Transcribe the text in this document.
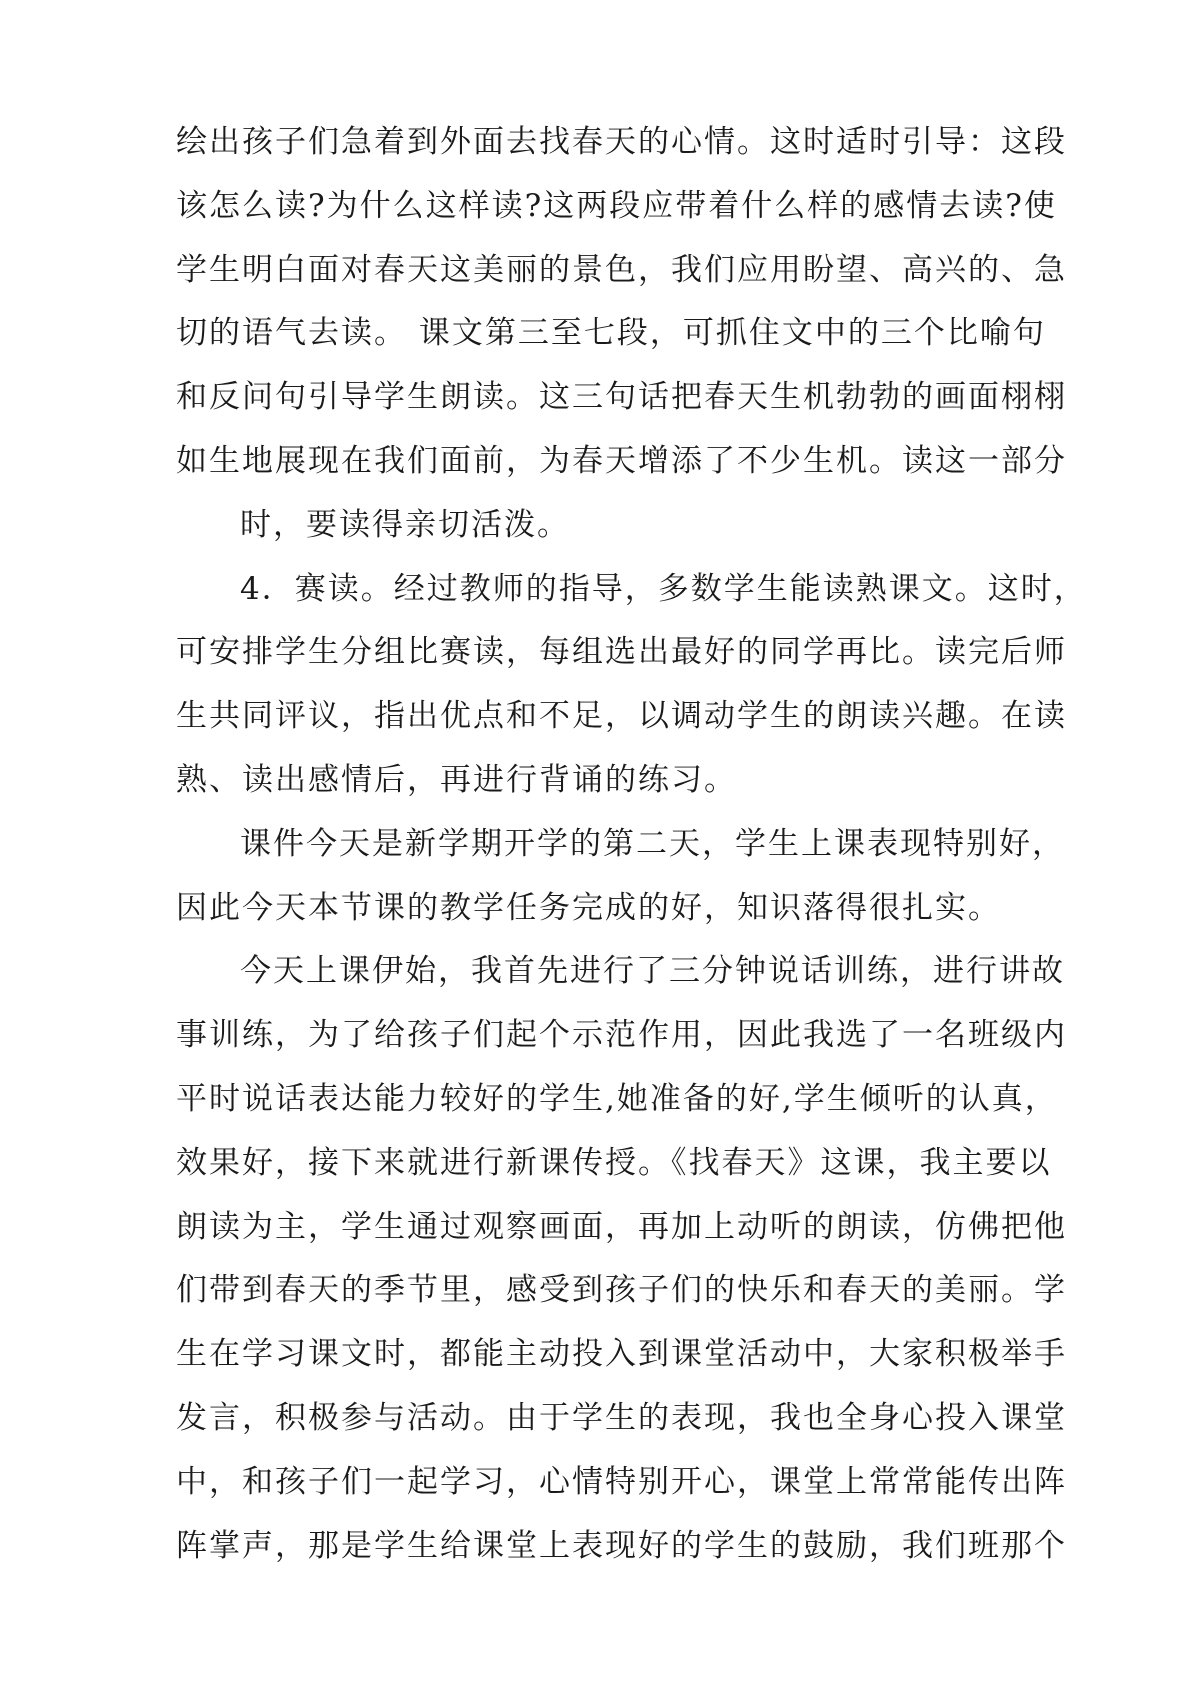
绘出孩子们急着到外面去找春天的心情。这时适时引导：这段
该怎么读?为什么这样读?这两段应带着什么样的感情去读?使
学生明白面对春天这美丽的景色，我们应用盼望、高兴的、急
切的语气去读。 课文第三至七段，可抓住文中的三个比喻句
和反问句引导学生朗读。这三句话把春天生机勃勃的画面栩栩
如生地展现在我们面前，为春天增添了不少生机。读这一部分
时，要读得亲切活泼。
4．赛读。经过教师的指导，多数学生能读熟课文。这时，
可安排学生分组比赛读，每组选出最好的同学再比。读完后师
生共同评议，指出优点和不足，以调动学生的朗读兴趣。在读
熟、读出感情后，再进行背诵的练习。
课件今天是新学期开学的第二天，学生上课表现特别好，
因此今天本节课的教学任务完成的好，知识落得很扎实。
今天上课伊始，我首先进行了三分钟说话训练，进行讲故
事训练，为了给孩子们起个示范作用，因此我选了一名班级内
平时说话表达能力较好的学生,她准备的好,学生倾听的认真，
效果好，接下来就进行新课传授。《找春天》这课，我主要以
朗读为主，学生通过观察画面，再加上动听的朗读，仿佛把他
们带到春天的季节里，感受到孩子们的快乐和春天的美丽。学
生在学习课文时，都能主动投入到课堂活动中，大家积极举手
发言，积极参与活动。由于学生的表现，我也全身心投入课堂
中，和孩子们一起学习，心情特别开心，课堂上常常能传出阵
阵掌声，那是学生给课堂上表现好的学生的鼓励，我们班那个
